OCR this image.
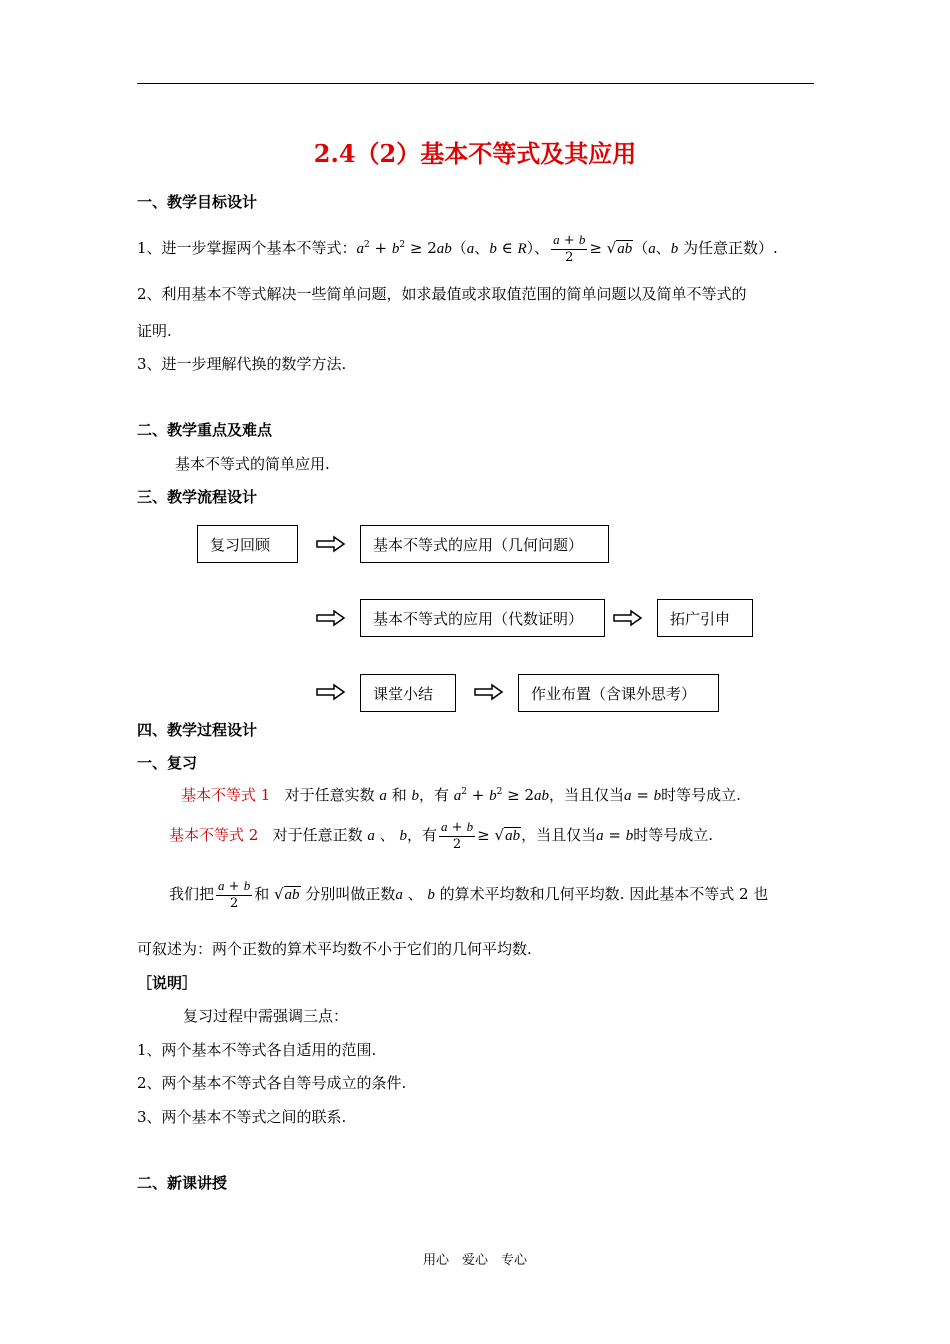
2.4（2）基本不等式及其应用
一、教学目标设计
1、进一步掌握两个基本不等式：$a^2 + b^2 \ge 2ab(a$、b ∈ R）、 $\frac{a + b}{2} \ge √ab(a$、b 为任意正数）.
2、利用基本不等式解决一些简单问题，如求最值或求取值范围的简单问题以及简单不等式的
证明.
3、进一步理解代换的数学方法.
二、教学重点及难点
基本不等式的简单应用.
三、教学流程设计
复习回顾	基本不等式的应用（几何问题）
基本不等式的应用（代数证明）	拓广引申
课堂小结	作业布置（含课外思考）
四、教学过程设计
一、复习
基本不等式 1 对于任意实数 a 和 b，有 $a^2 + b^2 \ge 2ab$，当且仅当a = b时等号成立.
基本不等式 2 对于任意正数 a 、 b，有 $\frac{a + b}{2} \ge √ab$，当且仅当a = b时等号成立.
我们把 $\frac{a + b}{2}$ 和 √ab 分别叫做正数a 、 b 的算术平均数和几何平均数. 因此基本不等式 2 也
可叙述为：两个正数的算术平均数不小于它们的几何平均数.
［说明］
复习过程中需强调三点：
1、两个基本不等式各自适用的范围.
2、两个基本不等式各自等号成立的条件.
3、两个基本不等式之间的联系.
二、新课讲授
用心　爱心　专心
